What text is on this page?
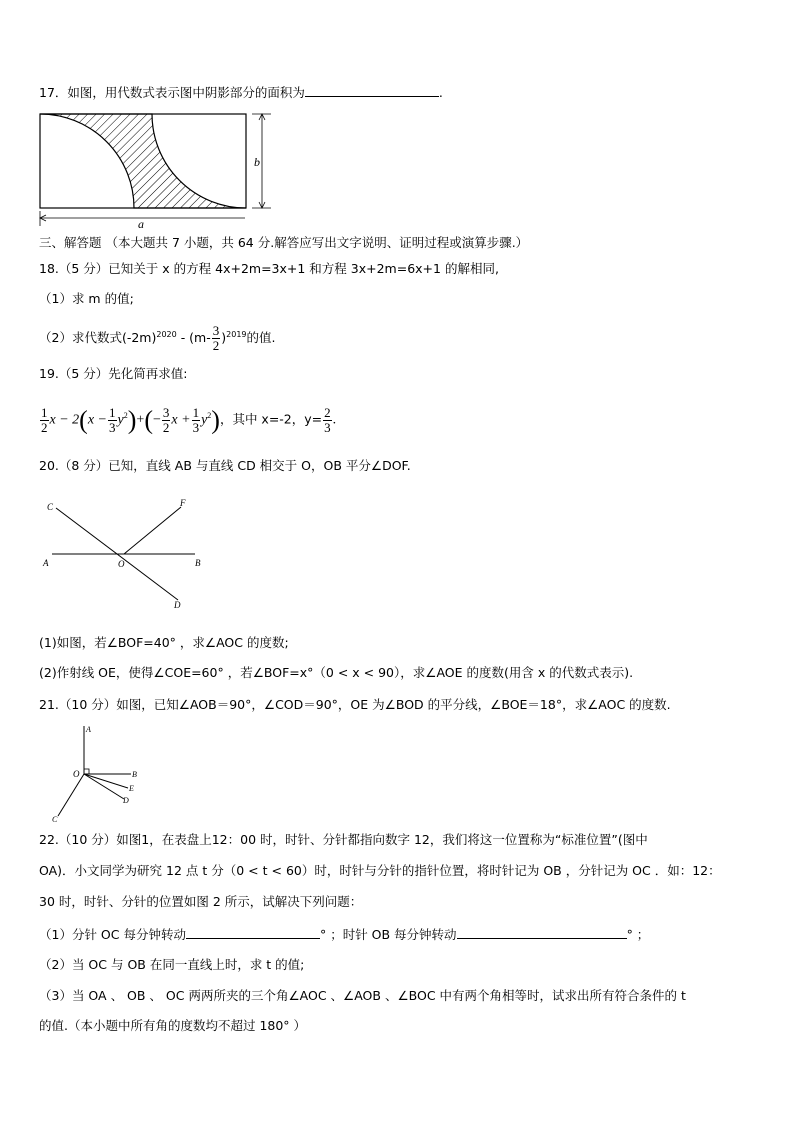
17．如图，用代数式表示图中阴影部分的面积为	.
b
a
三、解答题 （本大题共 7 小题，共 64 分.解答应写出文字说明、证明过程或演算步骤.）
18.（5 分）已知关于 x 的方程 4x+2m=3x+1 和方程 3x+2m=6x+1 的解相同,
（1）求 m 的值;
（2）求代数式$(-2m)^{2020} - (m- \frac{3}{2} )^{2019}$的值.
19.（5 分）先化简再求值:
$\frac{1}{2}$ $x - 2(x - \frac{1}{3} y^2)+(- \frac{3}{2}$ $x + \frac{1}{3} y^2$)，其中 x=-2，$y= \frac{2}{3}$ .
20.（8 分）已知，直线 AB 与直线 CD 相交于 O，OB 平分∠DOF.
C	F
A	O	B
D
(1)如图，若∠BOF=40° ，求∠AOC 的度数;
(2)作射线 OE，使得∠COE=60° ，若∠BOF=x°（0 < x < 90），求∠AOE 的度数(用含 x 的代数式表示).
21.（10 分）如图，已知∠AOB＝90°，∠COD＝90°，OE 为∠BOD 的平分线，∠BOE＝18°，求∠AOC 的度数.
A
O	B
E
D
C
22.（10 分）如图1，在表盘上12：00 时，时针、分针都指向数字 12，我们将这一位置称为“标准位置”(图中
OA)．小文同学为研究 12 点 t 分（0 < t < 60）时，时针与分针的指针位置，将时针记为 OB ，分针记为 OC ．如：12：
30 时，时针、分针的位置如图 2 所示，试解决下列问题：
（1）分针 OC 每分钟转动	° ；时针 OB 每分钟转动	° ；
（2）当 OC 与 OB 在同一直线上时，求 t 的值;
（3）当 OA 、 OB 、 OC 两两所夹的三个角∠AOC 、∠AOB 、∠BOC 中有两个角相等时，试求出所有符合条件的 t
的值.（本小题中所有角的度数均不超过 180° ）
